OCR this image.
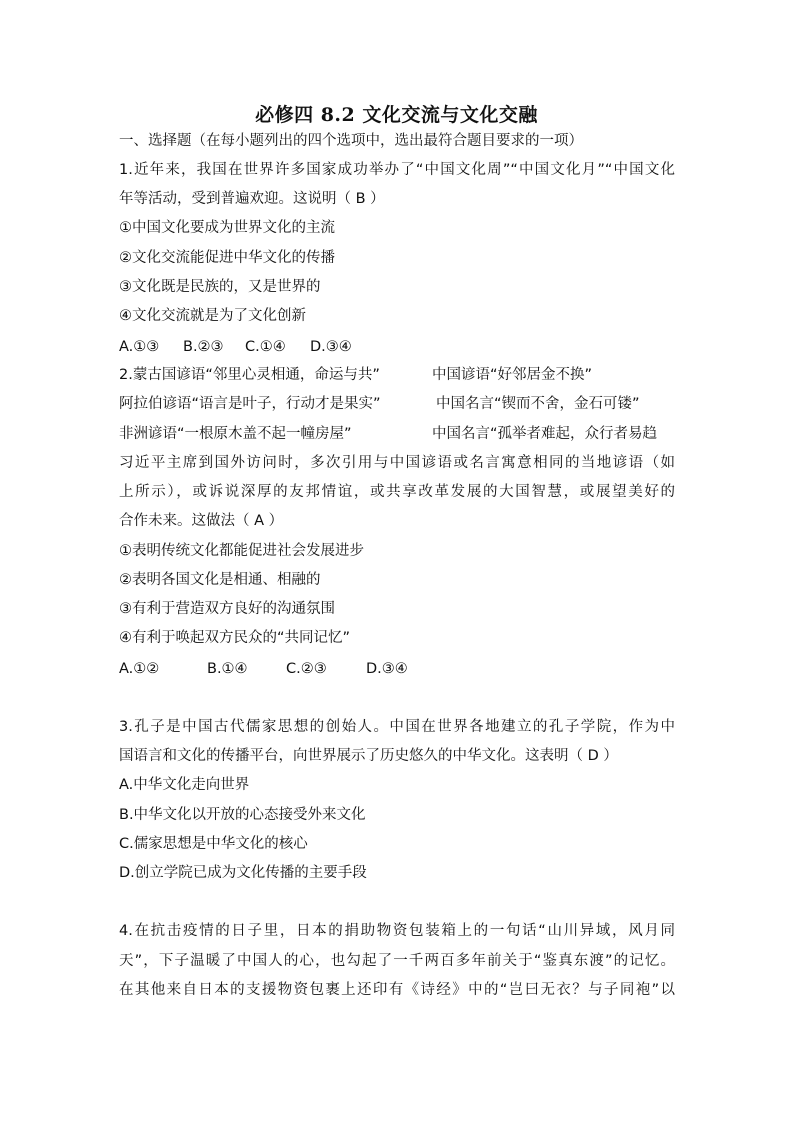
必修四 8.2 文化交流与文化交融
一、选择题（在每小题列出的四个选项中，选出最符合题目要求的一项）
1.近年来，我国在世界许多国家成功举办了“中国文化周”“中国文化月”“中国文化
年等活动，受到普遍欢迎。这说明（ B ）
①中国文化要成为世界文化的主流
②文化交流能促进中华文化的传播
③文化既是民族的，又是世界的
④文化交流就是为了文化创新
A.①③ B.②③ C.①④ D.③④
2.蒙古国谚语“邻里心灵相通，命运与共”	中国谚语“好邻居金不换”
阿拉伯谚语“语言是叶子，行动才是果实”	中国名言“锲而不舍，金石可镂”
非洲谚语“一根原木盖不起一幢房屋”	中国名言“孤举者难起，众行者易趋
习近平主席到国外访问时，多次引用与中国谚语或名言寓意相同的当地谚语（如
上所示），或诉说深厚的友邦情谊，或共享改革发展的大国智慧，或展望美好的
合作未来。这做法（ A ）
①表明传统文化都能促进社会发展进步
②表明各国文化是相通、相融的
③有利于营造双方良好的沟通氛围
④有利于唤起双方民众的“共同记忆”
A.①②	B.①④	C.②③	D.③④
3.孔子是中国古代儒家思想的创始人。中国在世界各地建立的孔子学院，作为中
国语言和文化的传播平台，向世界展示了历史悠久的中华文化。这表明（ D ）
A.中华文化走向世界
B.中华文化以开放的心态接受外来文化
C.儒家思想是中华文化的核心
D.创立学院已成为文化传播的主要手段
4.在抗击疫情的日子里，日本的捐助物资包装箱上的一句话“山川异域，风月同
天”，下子温暖了中国人的心，也勾起了一千两百多年前关于“鉴真东渡”的记忆。
在其他来自日本的支援物资包裹上还印有《诗经》中的“岂曰无衣？与子同袍”以
